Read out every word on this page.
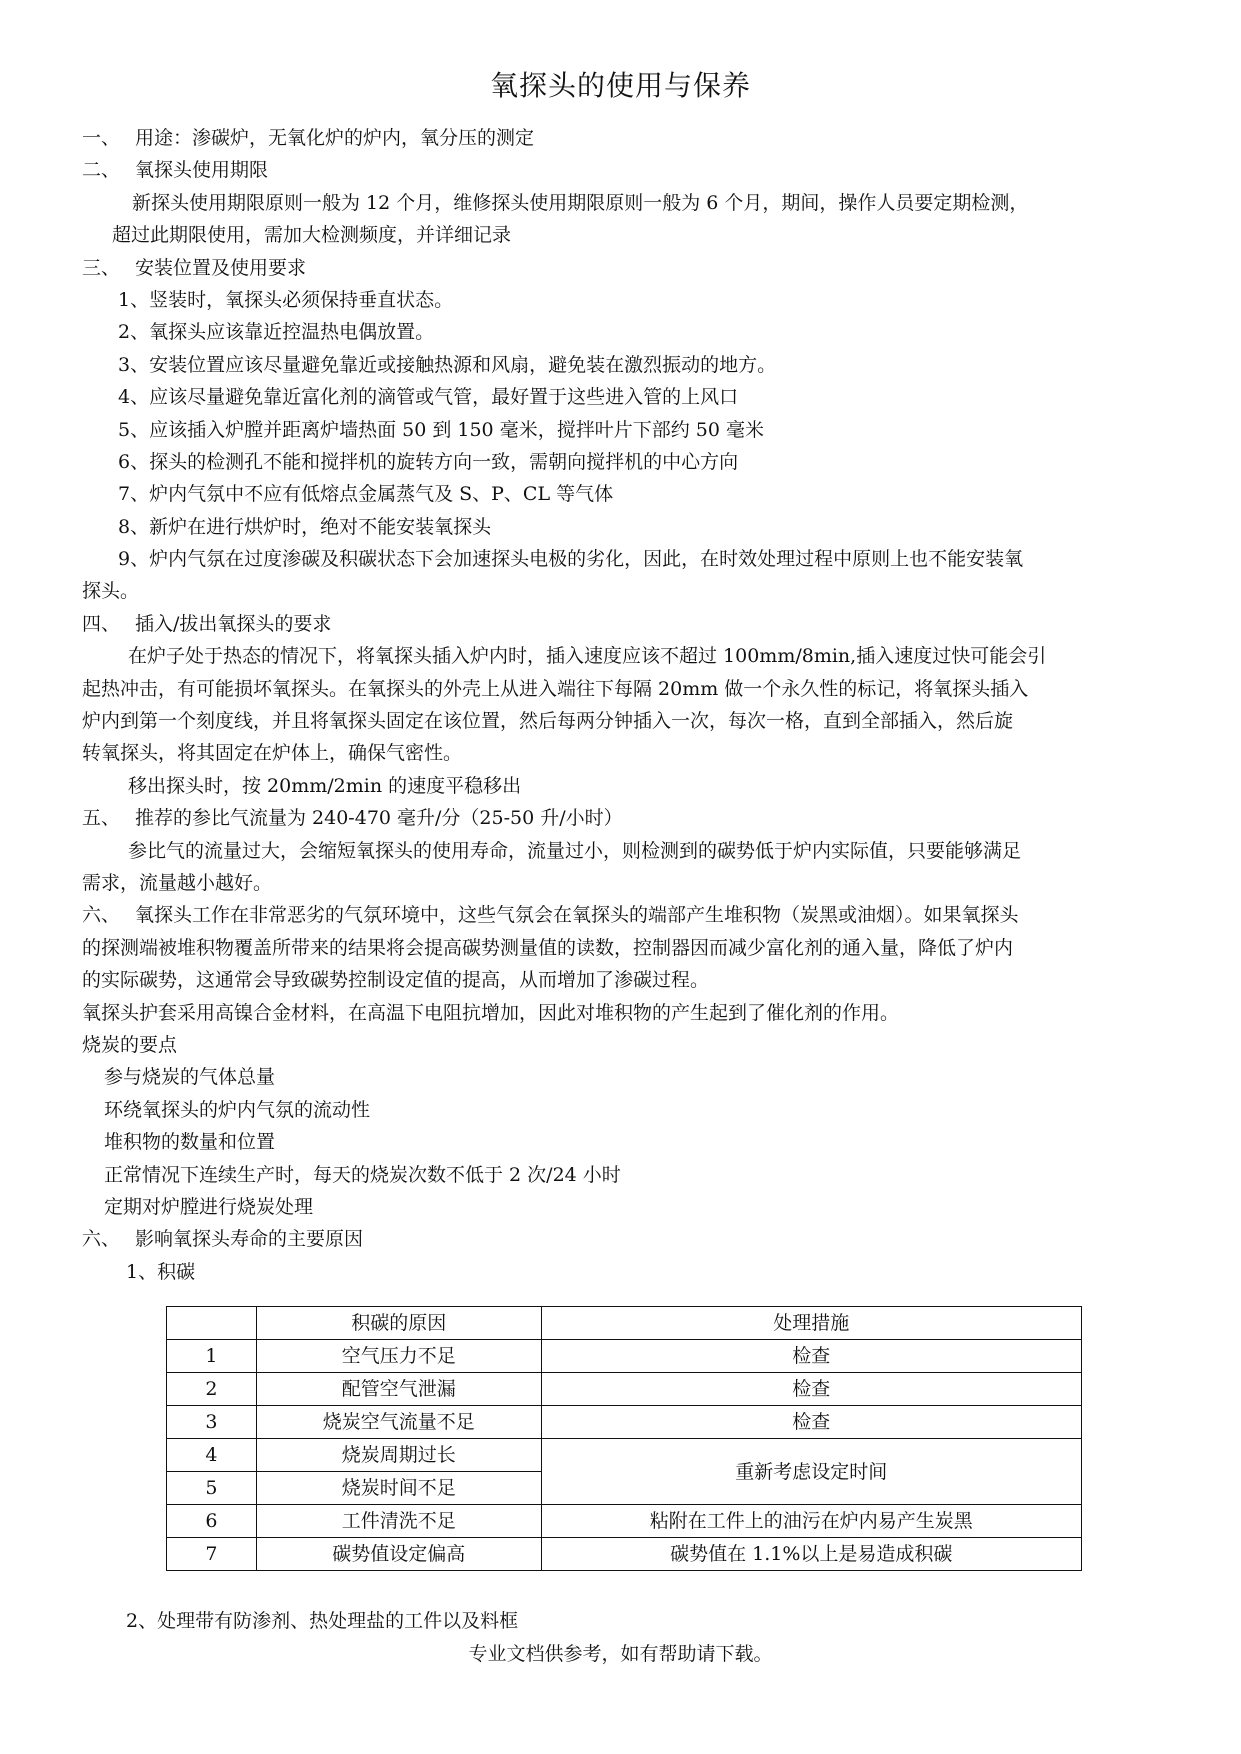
氧探头的使用与保养
一、 用途：渗碳炉，无氧化炉的炉内，氧分压的测定
二、 氧探头使用期限
新探头使用期限原则一般为 12 个月，维修探头使用期限原则一般为 6 个月，期间，操作人员要定期检测，
超过此期限使用，需加大检测频度，并详细记录
三、 安装位置及使用要求
1、竖装时，氧探头必须保持垂直状态。
2、氧探头应该靠近控温热电偶放置。
3、安装位置应该尽量避免靠近或接触热源和风扇，避免装在激烈振动的地方。
4、应该尽量避免靠近富化剂的滴管或气管，最好置于这些进入管的上风口
5、应该插入炉膛并距离炉墙热面 50 到 150 毫米，搅拌叶片下部约 50 毫米
6、探头的检测孔不能和搅拌机的旋转方向一致，需朝向搅拌机的中心方向
7、炉内气氛中不应有低熔点金属蒸气及 S、P、CL 等气体
8、新炉在进行烘炉时，绝对不能安装氧探头
9、炉内气氛在过度渗碳及积碳状态下会加速探头电极的劣化，因此，在时效处理过程中原则上也不能安装氧
探头。
四、 插入/拔出氧探头的要求
在炉子处于热态的情况下，将氧探头插入炉内时，插入速度应该不超过 100mm/8min,插入速度过快可能会引
起热冲击，有可能损坏氧探头。在氧探头的外壳上从进入端往下每隔 20mm 做一个永久性的标记，将氧探头插入
炉内到第一个刻度线，并且将氧探头固定在该位置，然后每两分钟插入一次，每次一格，直到全部插入，然后旋
转氧探头，将其固定在炉体上，确保气密性。
移出探头时，按 20mm/2min 的速度平稳移出
五、 推荐的参比气流量为 240-470 毫升/分（25-50 升/小时）
参比气的流量过大，会缩短氧探头的使用寿命，流量过小，则检测到的碳势低于炉内实际值，只要能够满足
需求，流量越小越好。
六、 氧探头工作在非常恶劣的气氛环境中，这些气氛会在氧探头的端部产生堆积物（炭黑或油烟）。如果氧探头
的探测端被堆积物覆盖所带来的结果将会提高碳势测量值的读数，控制器因而减少富化剂的通入量，降低了炉内
的实际碳势，这通常会导致碳势控制设定值的提高，从而增加了渗碳过程。
氧探头护套采用高镍合金材料，在高温下电阻抗增加，因此对堆积物的产生起到了催化剂的作用。
烧炭的要点
参与烧炭的气体总量
环绕氧探头的炉内气氛的流动性
堆积物的数量和位置
正常情况下连续生产时，每天的烧炭次数不低于 2 次/24 小时
定期对炉膛进行烧炭处理
六、 影响氧探头寿命的主要原因
1、积碳
	积碳的原因	处理措施
1	空气压力不足	检查
2	配管空气泄漏	检查
3	烧炭空气流量不足	检查
4	烧炭周期过长	重新考虑设定时间
5	烧炭时间不足	
6	工件清洗不足	粘附在工件上的油污在炉内易产生炭黑
7	碳势值设定偏高	碳势值在 1.1%以上是易造成积碳
2、处理带有防渗剂、热处理盐的工件以及料框
专业文档供参考，如有帮助请下载。
